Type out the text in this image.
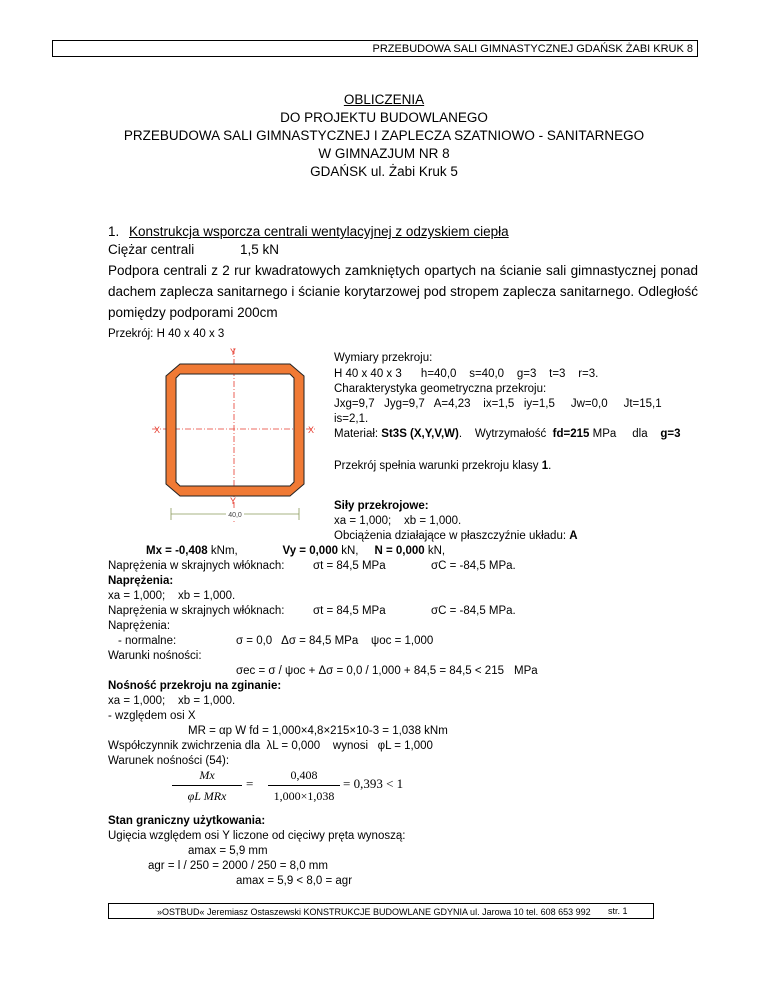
PRZEBUDOWA SALI GIMNASTYCZNEJ GDAŃSK ŻABI KRUK 8
OBLICZENIA
DO PROJEKTU BUDOWLANEGO
PRZEBUDOWA SALI GIMNASTYCZNEJ I ZAPLECZA SZATNIOWO - SANITARNEGO
W GIMNAZJUM NR 8
GDAŃSK ul. Żabi Kruk 5
1. Konstrukcja wsporcza centrali wentylacyjnej z odzyskiem ciepła
Ciężar centrali	1,5 kN
Podpora centrali z 2 rur kwadratowych zamkniętych opartych na ścianie sali gimnastycznej ponad dachem zaplecza sanitarnego i ścianie korytarzowej pod stropem zaplecza sanitarnego. Odległość pomiędzy podporami 200cm
Przekrój: H 40 x 40 x 3
Y
Y
X	X
40,0
Wymiary przekroju:
H 40 x 40 x 3      h=40,0    s=40,0    g=3    t=3    r=3.
Charakterystyka geometryczna przekroju:
Jxg=9,7   Jyg=9,7   A=4,23    ix=1,5   iy=1,5     Jw=0,0     Jt=15,1
is=2,1.
Materiał: St3S (X,Y,V,W).    Wytrzymałość  fd=215 MPa     dla    g=3
Przekrój spełnia warunki przekroju klasy 1.
Siły przekrojowe:
xa = 1,000;    xb = 1,000.
Obciążenia działające w płaszczyźnie układu: A
Mx = -0,408 kNm,	Vy = 0,000 kN, N = 0,000 kN,
Naprężenia w skrajnych włóknach: σt = 84,5 MPa	σC = -84,5 MPa.
Naprężenia:
xa = 1,000;    xb = 1,000.
Naprężenia w skrajnych włóknach: σt = 84,5 MPa	σC = -84,5 MPa.
Naprężenia:
- normalne:	σ = 0,0   Δσ = 84,5 MPa    ψoc = 1,000
Warunki nośności:
σec = σ / ψoc + Δσ = 0,0 / 1,000 + 84,5 = 84,5 < 215 MPa
Nośność przekroju na zginanie:
xa = 1,000;    xb = 1,000.
- względem osi X
MR = αp W fd = 1,000×4,8×215×10-3 = 1,038 kNm
Współczynnik zwichrzenia dla  λL = 0,000    wynosi   φL = 1,000
Warunek nośności (54):
Mx
φL MRx
=
0,408
1,000×1,038
= 0,393 < 1
Stan graniczny użytkowania:
Ugięcia względem osi Y liczone od cięciwy pręta wynoszą:
amax = 5,9 mm
agr = l / 250 = 2000 / 250 = 8,0 mm
amax = 5,9 < 8,0 = agr
»OSTBUD« Jeremiasz Ostaszewski KONSTRUKCJE BUDOWLANE GDYNIA ul. Jarowa 10 tel. 608 653 992	str. 1
